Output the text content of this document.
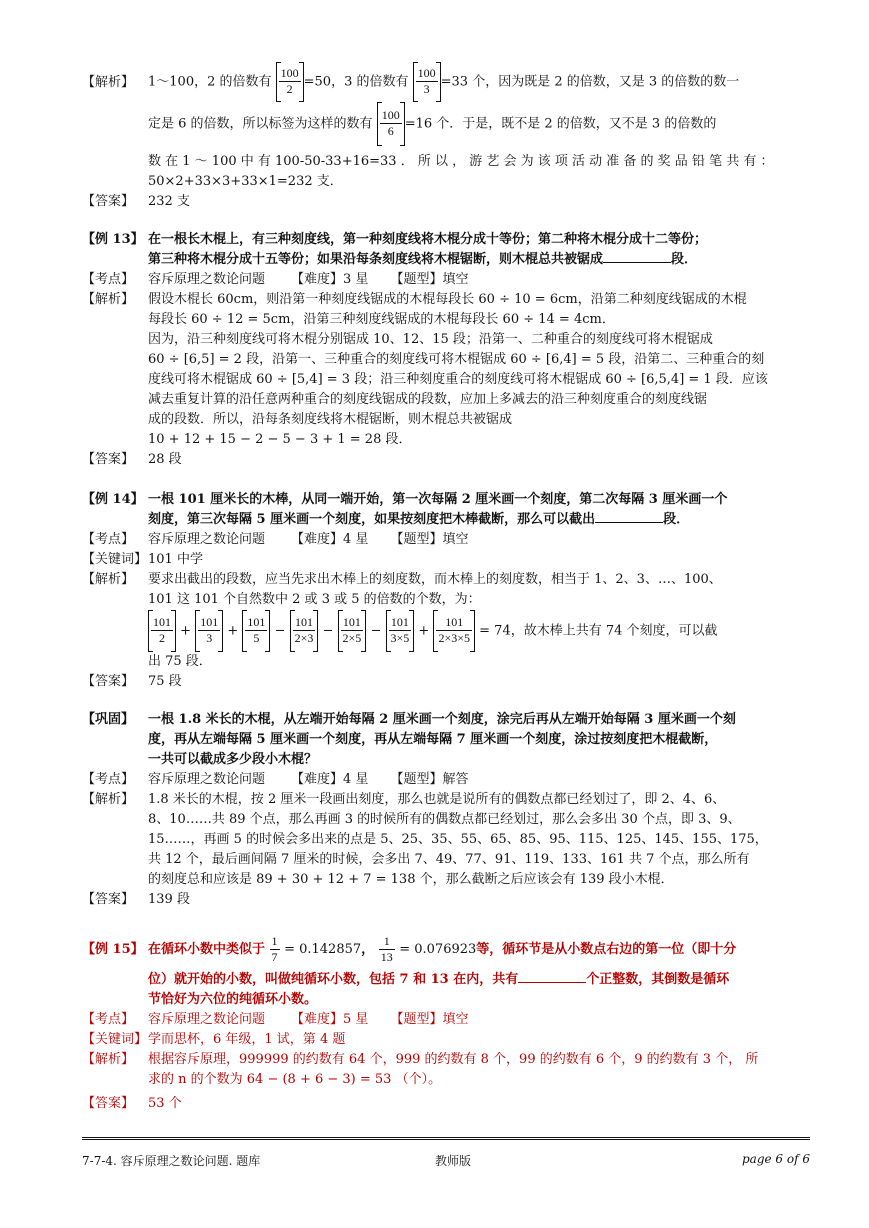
【解析】 1～100，2 的倍数有 $\frac{100}{2} =50$，3 的倍数有 $\frac{100}{3} =33$ 个，因为既是 2 的倍数，又是 3 的倍数的数一
定是 6 的倍数，所以标签为这样的数有 $\frac{100}{6} =16$ 个．于是，既不是 2 的倍数，又不是 3 的倍数的
数 在 1 ～ 100 中 有 100-50-33+16=33 ． 所 以 ， 游 艺 会 为 该 项 活 动 准 备 的 奖 品 铅 笔 共 有 ：
50×2+33×3+33×1=232 支．
【答案】 232 支
【例 13】 在一根长木棍上，有三种刻度线，第一种刻度线将木棍分成十等份；第二种将木棍分成十二等份；
第三种将木棍分成十五等份；如果沿每条刻度线将木棍锯断，则木棍总共被锯成	段．
【考点】 容斥原理之数论问题 【难度】3 星 【题型】填空
【解析】 假设木棍长 60cm，则沿第一种刻度线锯成的木棍每段长 60 ÷ 10 = 6cm，沿第二种刻度线锯成的木棍
每段长 60 ÷ 12 = 5cm，沿第三种刻度线锯成的木棍每段长 60 ÷ 14 = 4cm．
因为，沿三种刻度线可将木棍分别锯成 10、12、15 段；沿第一、二种重合的刻度线可将木棍锯成
60 ÷ [6,5] = 2 段，沿第一、三种重合的刻度线可将木棍锯成 60 ÷ [6,4] = 5 段，沿第二、三种重合的刻
度线可将木棍锯成 60 ÷ [5,4] = 3 段；沿三种刻度重合的刻度线可将木棍锯成 60 ÷ [6,5,4] = 1 段．应该
减去重复计算的沿任意两种重合的刻度线锯成的段数，应加上多减去的沿三种刻度重合的刻度线锯
成的段数．所以，沿每条刻度线将木棍锯断，则木棍总共被锯成
10 + 12 + 15 − 2 − 5 − 3 + 1 = 28 段．
【答案】 28 段
【例 14】 一根 101 厘米长的木棒，从同一端开始，第一次每隔 2 厘米画一个刻度，第二次每隔 3 厘米画一个
刻度，第三次每隔 5 厘米画一个刻度，如果按刻度把木棒截断，那么可以截出	段．
【考点】 容斥原理之数论问题 【难度】4 星 【题型】填空
【关键词】101 中学
【解析】 要求出截出的段数，应当先求出木棒上的刻度数，而木棒上的刻度数，相当于 1、2、3、…、100、
101 这 101 个自然数中 2 或 3 或 5 的倍数的个数，为：
$\frac{101}{2} + \frac{101}{3} + \frac{101}{5} - \frac{101}{2\times 3} - \frac{101}{2\times 5} - \frac{101}{3\times 5} + \frac{101}{2\times 3\times 5} = 74$，故木棒上共有 74 个刻度，可以截
出 75 段．
【答案】 75 段
【巩固】 一根 1.8 米长的木棍，从左端开始每隔 2 厘米画一个刻度，涂完后再从左端开始每隔 3 厘米画一个刻
度，再从左端每隔 5 厘米画一个刻度，再从左端每隔 7 厘米画一个刻度，涂过按刻度把木棍截断，
一共可以截成多少段小木棍？
【考点】 容斥原理之数论问题 【难度】4 星 【题型】解答
【解析】 1.8 米长的木棍，按 2 厘米一段画出刻度，那么也就是说所有的偶数点都已经划过了，即 2、4、6、
8、10……共 89 个点，那么再画 3 的时候所有的偶数点都已经划过，那么会多出 30 个点，即 3、9、
15……，再画 5 的时候会多出来的点是 5、25、35、55、65、85、95、115、125、145、155、175，
共 12 个，最后画间隔 7 厘米的时候，会多出 7、49、77、91、119、133、161 共 7 个点，那么所有
的刻度总和应该是 89 + 30 + 12 + 7 = 138 个，那么截断之后应该会有 139 段小木棍．
【答案】 139 段
【例 15】 在循环小数中类似于 $\frac{1}{7} = 0.142857$， $\frac{1}{13} = 0.076923$等，循环节是从小数点右边的第一位（即十分
位）就开始的小数，叫做纯循环小数，包括 7 和 13 在内，共有	个正整数，其倒数是循环
节恰好为六位的纯循环小数。
【考点】 容斥原理之数论问题 【难度】5 星 【题型】填空
【关键词】学而思杯，6 年级，1 试，第 4 题
【解析】 根据容斥原理，999999 的约数有 64 个，999 的约数有 8 个，99 的约数有 6 个，9 的约数有 3 个， 所
求的 n 的个数为 64 − (8 + 6 − 3) = 53 （个）。
【答案】 53 个
7-7-4. 容斥原理之数论问题. 题库	教师版	page 6 of 6
